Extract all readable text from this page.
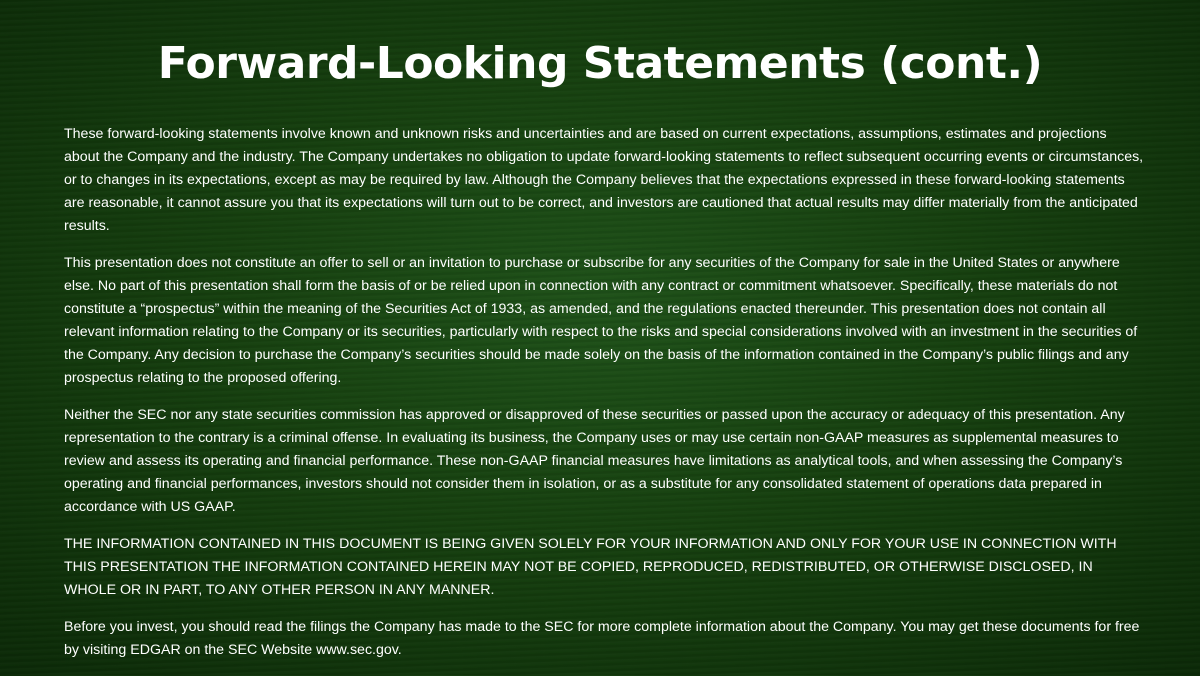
Forward-Looking Statements (cont.)

These forward-looking statements involve known and unknown risks and uncertainties and are based on current expectations, assumptions, estimates and projections about the Company and the industry. The Company undertakes no obligation to update forward-looking statements to reflect subsequent occurring events or circumstances, or to changes in its expectations, except as may be required by law. Although the Company believes that the expectations expressed in these forward-looking statements are reasonable, it cannot assure you that its expectations will turn out to be correct, and investors are cautioned that actual results may differ materially from the anticipated results.

This presentation does not constitute an offer to sell or an invitation to purchase or subscribe for any securities of the Company for sale in the United States or anywhere else. No part of this presentation shall form the basis of or be relied upon in connection with any contract or commitment whatsoever. Specifically, these materials do not constitute a “prospectus” within the meaning of the Securities Act of 1933, as amended, and the regulations enacted thereunder. This presentation does not contain all relevant information relating to the Company or its securities, particularly with respect to the risks and special considerations involved with an investment in the securities of the Company. Any decision to purchase the Company’s securities should be made solely on the basis of the information contained in the Company’s public filings and any prospectus relating to the proposed offering.

Neither the SEC nor any state securities commission has approved or disapproved of these securities or passed upon the accuracy or adequacy of this presentation. Any representation to the contrary is a criminal offense. In evaluating its business, the Company uses or may use certain non-GAAP measures as supplemental measures to review and assess its operating and financial performance. These non-GAAP financial measures have limitations as analytical tools, and when assessing the Company’s operating and financial performances, investors should not consider them in isolation, or as a substitute for any consolidated statement of operations data prepared in accordance with US GAAP.

THE INFORMATION CONTAINED IN THIS DOCUMENT IS BEING GIVEN SOLELY FOR YOUR INFORMATION AND ONLY FOR YOUR USE IN CONNECTION WITH THIS PRESENTATION THE INFORMATION CONTAINED HEREIN MAY NOT BE COPIED, REPRODUCED, REDISTRIBUTED, OR OTHERWISE DISCLOSED, IN WHOLE OR IN PART, TO ANY OTHER PERSON IN ANY MANNER.

Before you invest, you should read the filings the Company has made to the SEC for more complete information about the Company. You may get these documents for free by visiting EDGAR on the SEC Website www.sec.gov.
